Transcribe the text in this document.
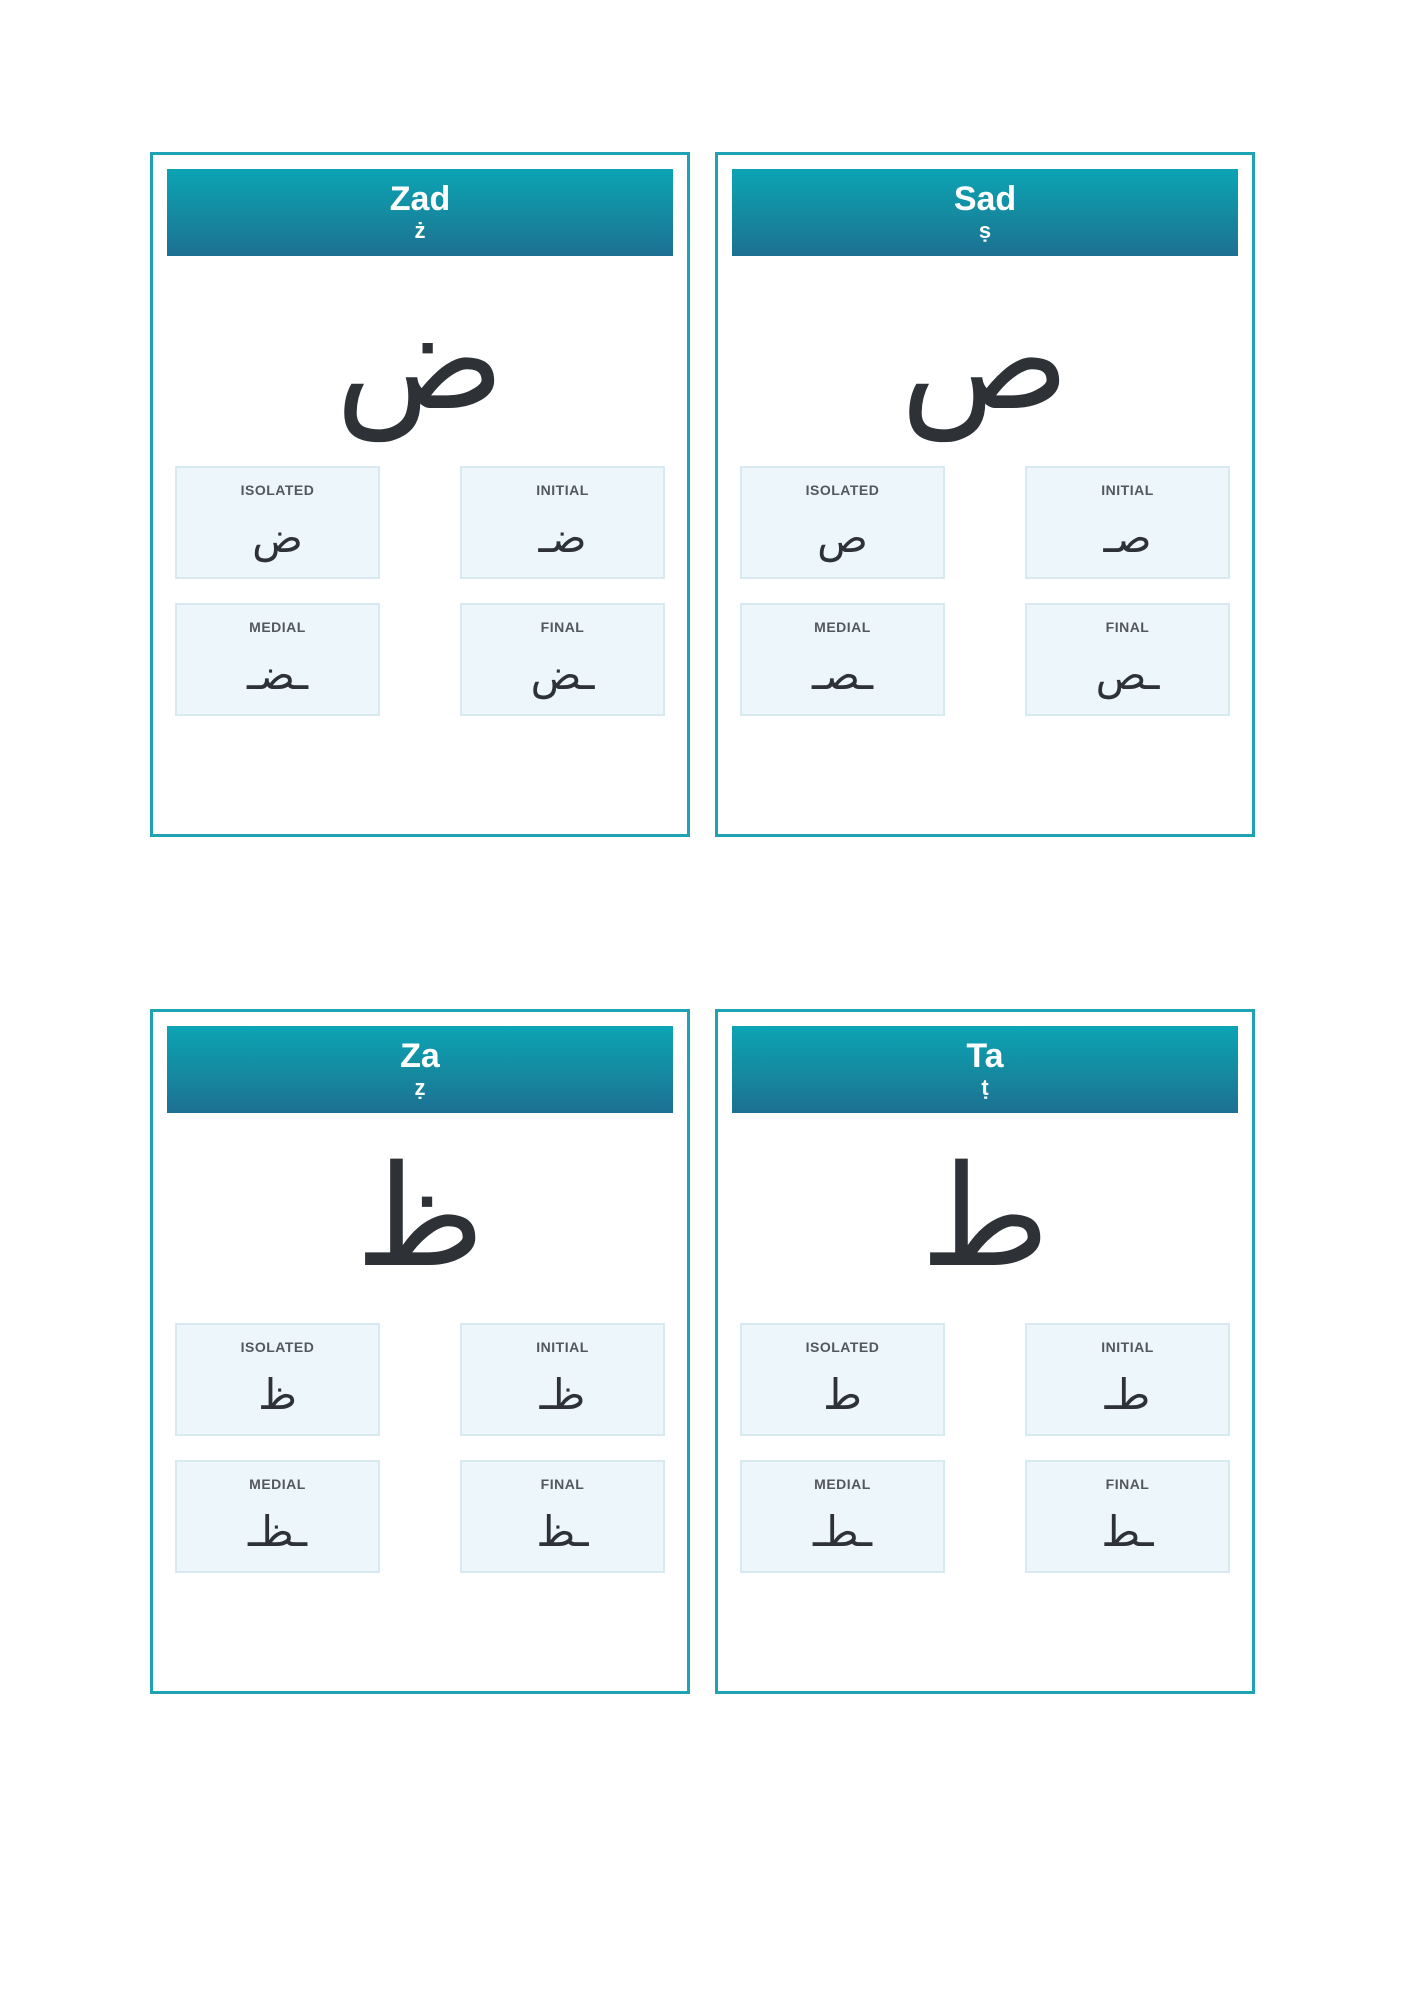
Zad
ż
ض
ISOLATED
ض
INITIAL
ضـ
MEDIAL
ـضـ
FINAL
ـض
Sad
ṣ
ص
ISOLATED
ص
INITIAL
صـ
MEDIAL
ـصـ
FINAL
ـص
Za
ẓ
ظ
ISOLATED
ظ
INITIAL
ظـ
MEDIAL
ـظـ
FINAL
ـظ
Ta
ṭ
ط
ISOLATED
ط
INITIAL
طـ
MEDIAL
ـطـ
FINAL
ـط
